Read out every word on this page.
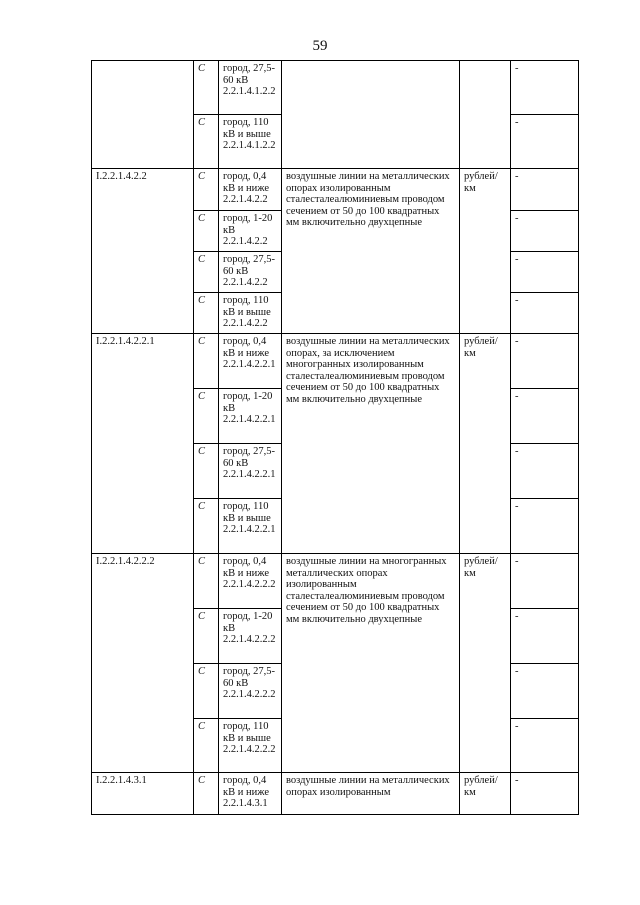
59
	C	город, 27,5-60 кВ 2.2.1.4.1.2.2			-
	C	город, 110 кВ и выше 2.2.1.4.1.2.2			-
I.2.2.1.4.2.2	C	город, 0,4 кВ и ниже 2.2.1.4.2.2	воздушные линии на металлических опорах изолированным сталесталеалюминиевым проводом сечением от 50 до 100 квадратных мм включительно двухцепные	рублей/км	-
	C	город, 1-20 кВ 2.2.1.4.2.2			-
	C	город, 27,5-60 кВ 2.2.1.4.2.2			-
	C	город, 110 кВ и выше 2.2.1.4.2.2			-
I.2.2.1.4.2.2.1	C	город, 0,4 кВ и ниже 2.2.1.4.2.2.1	воздушные линии на металлических опорах, за исключением многогранных изолированным сталесталеалюминиевым проводом сечением от 50 до 100 квадратных мм включительно двухцепные	рублей/км	-
	C	город, 1-20 кВ 2.2.1.4.2.2.1			-
	C	город, 27,5-60 кВ 2.2.1.4.2.2.1			-
	C	город, 110 кВ и выше 2.2.1.4.2.2.1			-
I.2.2.1.4.2.2.2	C	город, 0,4 кВ и ниже 2.2.1.4.2.2.2	воздушные линии на многогранных металлических опорах изолированным сталесталеалюминиевым проводом сечением от 50 до 100 квадратных мм включительно двухцепные	рублей/км	-
	C	город, 1-20 кВ 2.2.1.4.2.2.2			-
	C	город, 27,5-60 кВ 2.2.1.4.2.2.2			-
	C	город, 110 кВ и выше 2.2.1.4.2.2.2			-
I.2.2.1.4.3.1	C	город, 0,4 кВ и ниже 2.2.1.4.3.1	воздушные линии на металлических опорах изолированным	рублей/км	-
